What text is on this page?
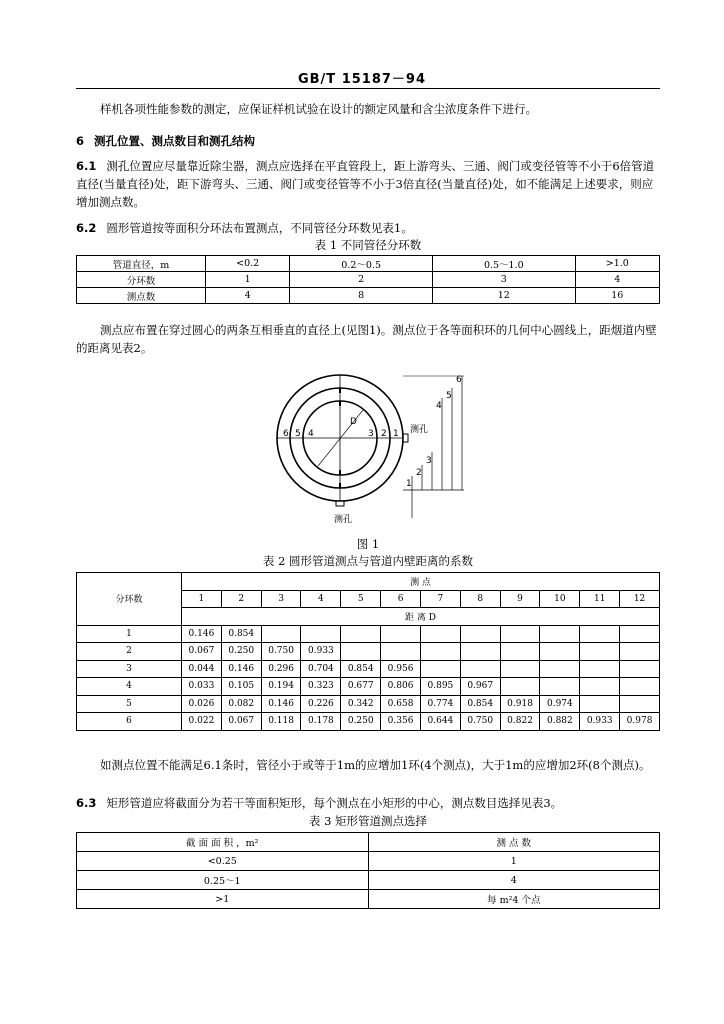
GB/T 15187－94
样机各项性能参数的测定，应保证样机试验在设计的额定风量和含尘浓度条件下进行。
6 测孔位置、测点数目和测孔结构
6.1 测孔位置应尽量靠近除尘器，测点应选择在平直管段上，距上游弯头、三通、阀门或变径管等不小于6倍管道直径(当量直径)处，距下游弯头、三通、阀门或变径管等不小于3倍直径(当量直径)处，如不能满足上述要求，则应增加测点数。
6.2 圆形管道按等面积分环法布置测点，不同管径分环数见表1。
表 1 不同管径分环数
管道直径，m	<0.2	0.2～0.5	0.5～1.0	>1.0
分环数	1	2	3	4
测点数	4	8	12	16
测点应布置在穿过圆心的两条互相垂直的直径上(见图1)。测点位于各等面积环的几何中心圆线上，距烟道内壁的距离见表2。
D
6 5 4	3 2 1 测孔
测孔
1
2
3
4
5
6
图 1
表 2 圆形管道测点与管道内壁距离的系数
分环数	测 点											
	1	2	3	4	5	6	7	8	9	10	11	12
	距 离 D											
1	0.146	0.854										
2	0.067	0.250	0.750	0.933								
3	0.044	0.146	0.296	0.704	0.854	0.956						
4	0.033	0.105	0.194	0.323	0.677	0.806	0.895	0.967				
5	0.026	0.082	0.146	0.226	0.342	0.658	0.774	0.854	0.918	0.974		
6	0.022	0.067	0.118	0.178	0.250	0.356	0.644	0.750	0.822	0.882	0.933	0.978
如测点位置不能满足6.1条时，管径小于或等于1m的应增加1环(4个测点)，大于1m的应增加2环(8个测点)。
6.3 矩形管道应将截面分为若干等面积矩形，每个测点在小矩形的中心，测点数目选择见表3。
表 3 矩形管道测点选择
截 面 面 积 ，m²	测 点 数
<0.25	1
0.25～1	4
>1	每 m²4 个点
